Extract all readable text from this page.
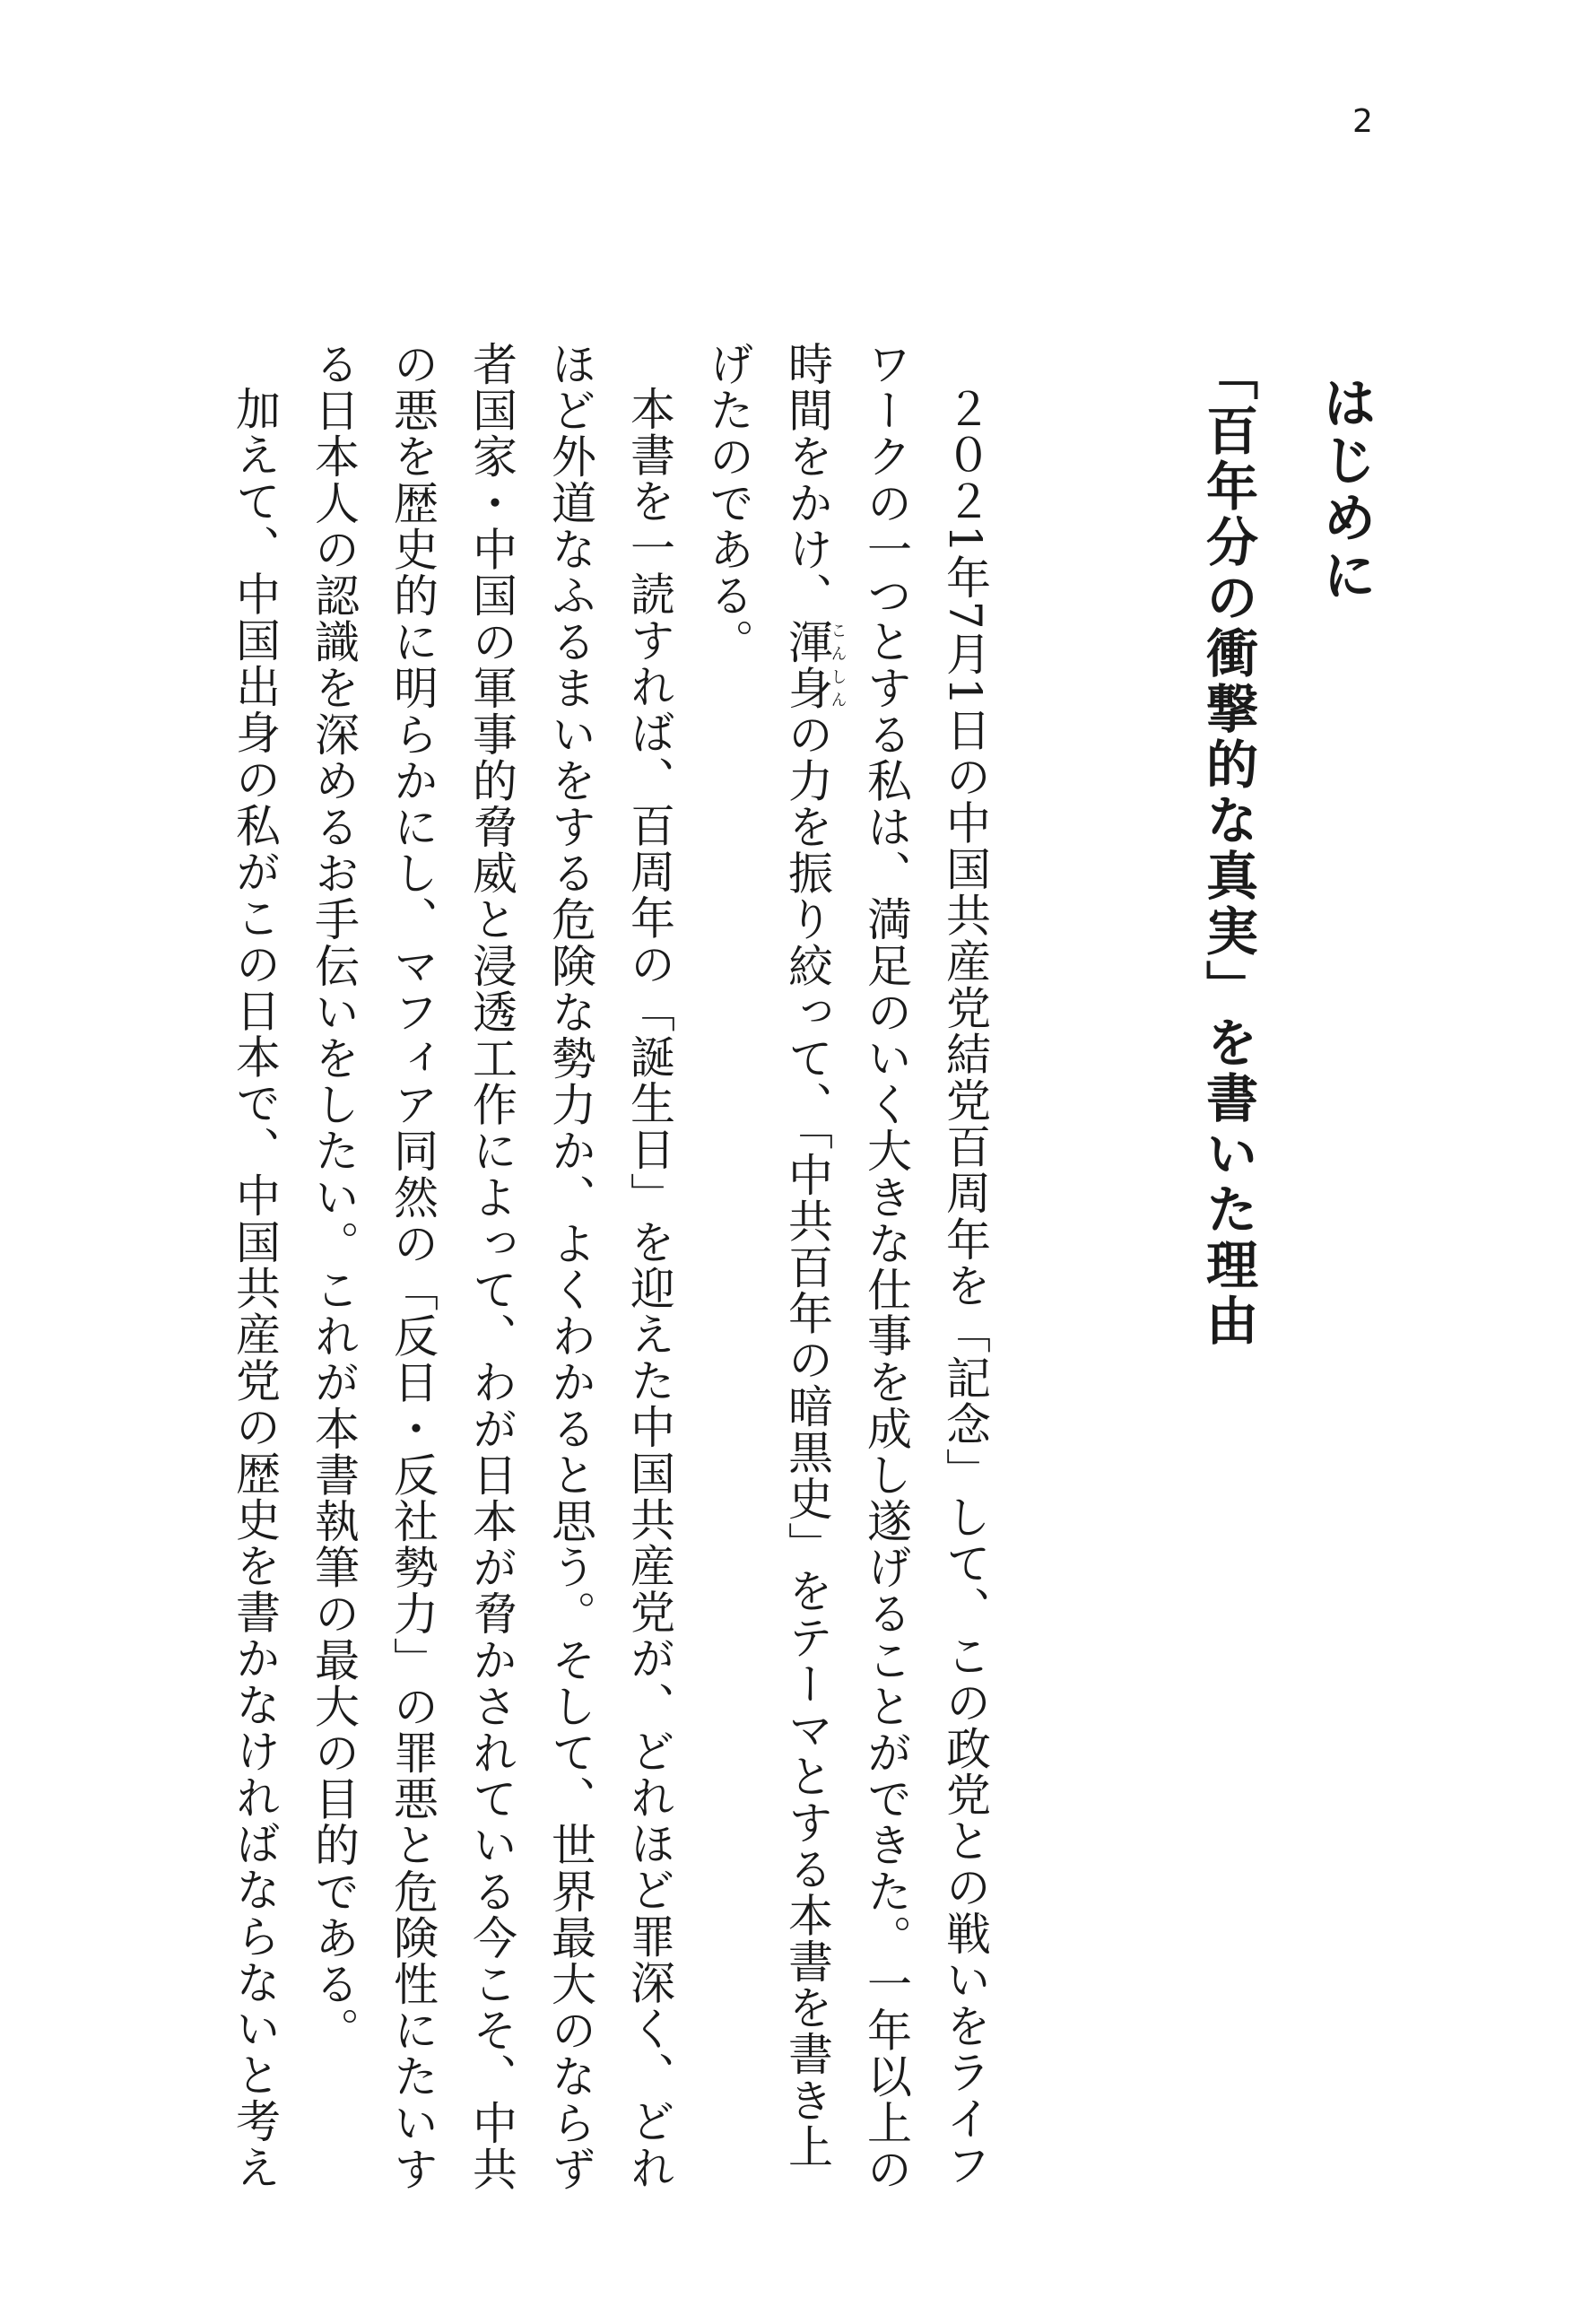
2
はじめに
「百年分の衝撃的な真実」を書いた理由

２０２1年7月1日の中国共産党結党百周年を「記念」して、この政党との戦いをライフワークの一つとする私は、満足のいく大きな仕事を成し遂げることができた。一年以上の時間をかけ、渾身こんしんの力を振り絞って、「中共百年の暗黒史」をテーマとする本書を書き上げたのである。

本書を一読すれば、百周年の「誕生日」を迎えた中国共産党が、どれほど罪深く、どれほど外道なふるまいをする危険な勢力か、よくわかると思う。そして、世界最大のならず者国家・中国の軍事的脅威と浸透工作によって、わが日本が脅かされている今こそ、中共の悪を歴史的に明らかにし、マフィア同然の「反日・反社勢力」の罪悪と危険性にたいする日本人の認識を深めるお手伝いをしたい。これが本書執筆の最大の目的である。

加えて、中国出身の私がこの日本で、中国共産党の歴史を書かなければならないと考え
